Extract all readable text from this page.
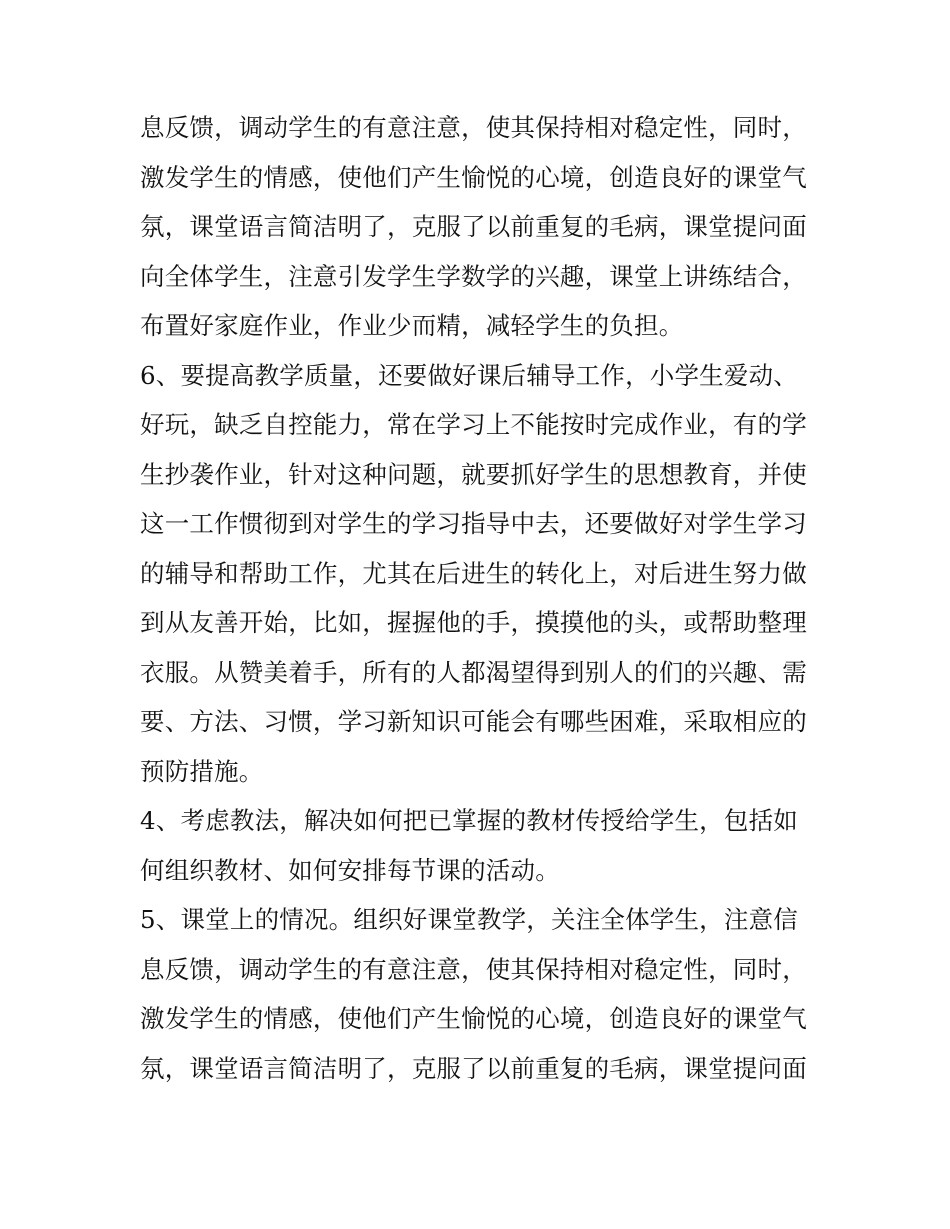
息反馈，调动学生的有意注意，使其保持相对稳定性，同时，
激发学生的情感，使他们产生愉悦的心境，创造良好的课堂气
氛，课堂语言简洁明了，克服了以前重复的毛病，课堂提问面
向全体学生，注意引发学生学数学的兴趣，课堂上讲练结合，
布置好家庭作业，作业少而精，减轻学生的负担。
6、要提高教学质量，还要做好课后辅导工作，小学生爱动、
好玩，缺乏自控能力，常在学习上不能按时完成作业，有的学
生抄袭作业，针对这种问题，就要抓好学生的思想教育，并使
这一工作惯彻到对学生的学习指导中去，还要做好对学生学习
的辅导和帮助工作，尤其在后进生的转化上，对后进生努力做
到从友善开始，比如，握握他的手，摸摸他的头，或帮助整理
衣服。从赞美着手，所有的人都渴望得到别人的们的兴趣、需
要、方法、习惯，学习新知识可能会有哪些困难，采取相应的
预防措施。
4、考虑教法，解决如何把已掌握的教材传授给学生，包括如
何组织教材、如何安排每节课的活动。
5、课堂上的情况。组织好课堂教学，关注全体学生，注意信
息反馈，调动学生的有意注意，使其保持相对稳定性，同时，
激发学生的情感，使他们产生愉悦的心境，创造良好的课堂气
氛，课堂语言简洁明了，克服了以前重复的毛病，课堂提问面
